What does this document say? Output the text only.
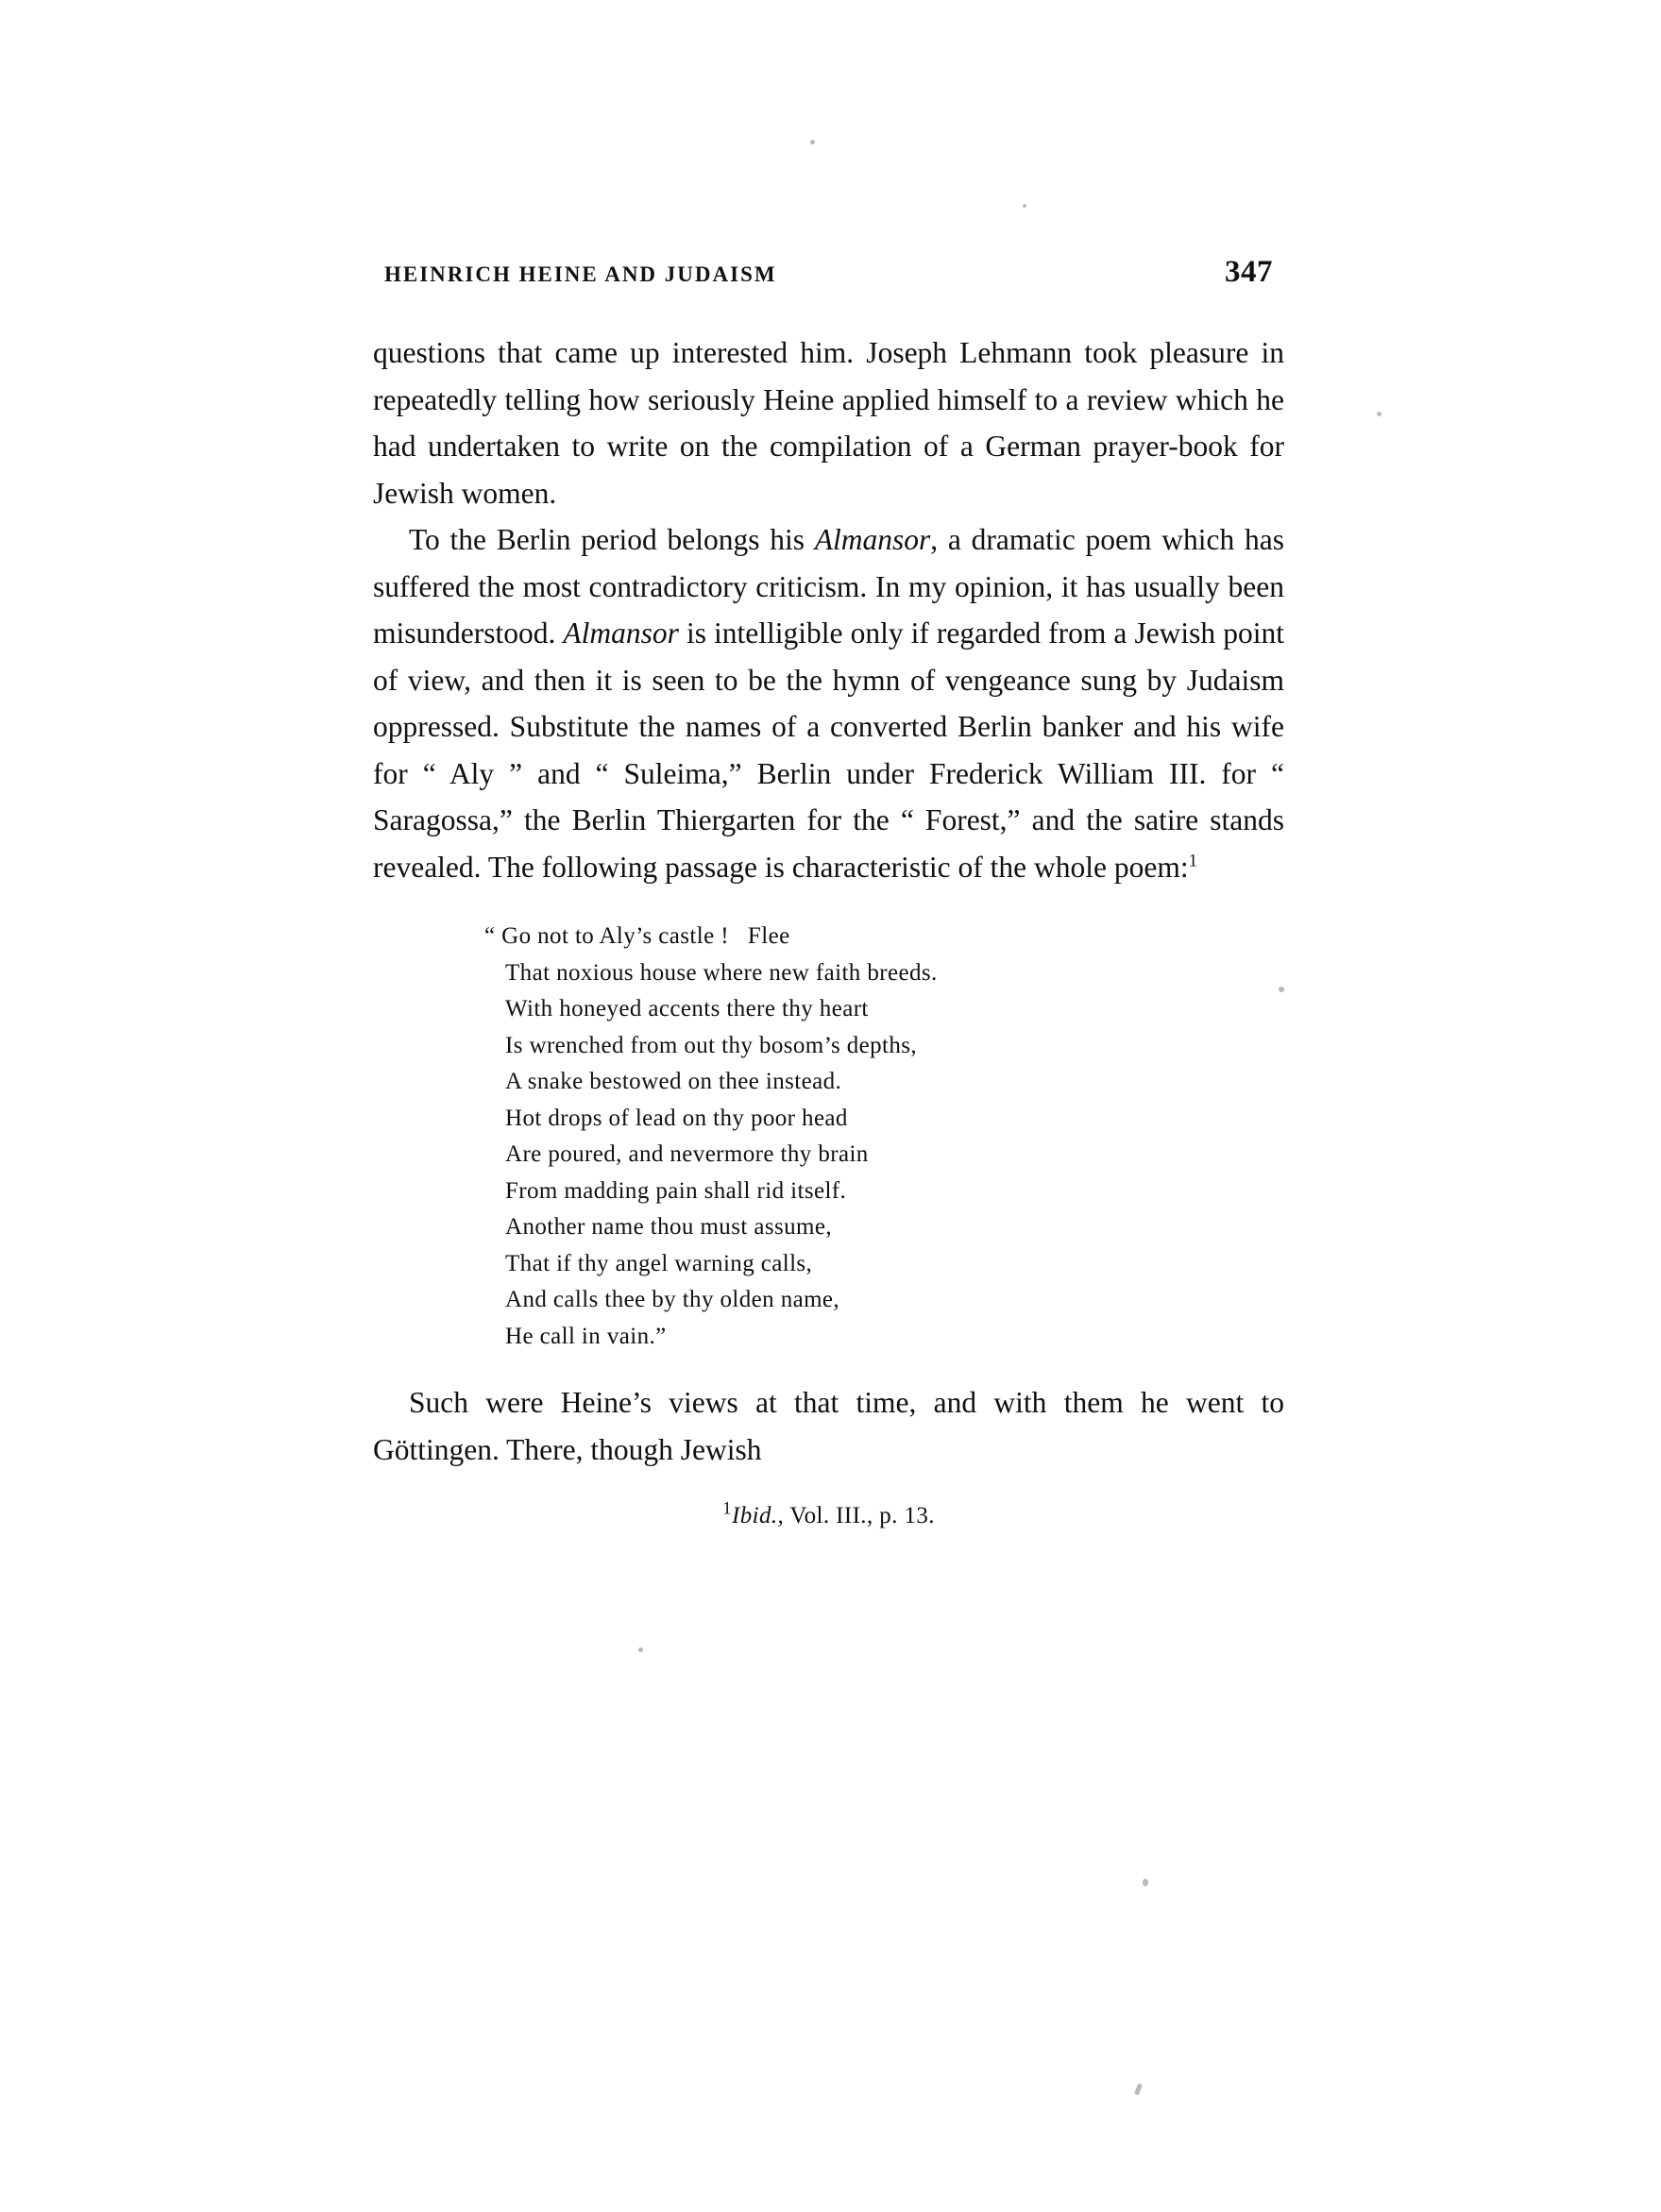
HEINRICH HEINE AND JUDAISM	347

questions that came up interested him. Joseph Lehmann took pleasure in repeatedly telling how seriously Heine applied himself to a review which he had undertaken to write on the compilation of a German prayer-book for Jewish women.

To the Berlin period belongs his Almansor, a dramatic poem which has suffered the most contradictory criticism. In my opinion, it has usually been misunderstood. Almansor is intelligible only if regarded from a Jewish point of view, and then it is seen to be the hymn of vengeance sung by Judaism oppressed. Substitute the names of a converted Berlin banker and his wife for “ Aly ” and “ Suleima,” Berlin under Frederick William III. for “ Saragossa,” the Berlin Thiergarten for the “ Forest,” and the satire stands revealed. The following passage is characteristic of the whole poem:$^1$

“ Go not to Aly’s castle !   Flee
That noxious house where new faith breeds.
With honeyed accents there thy heart
Is wrenched from out thy bosom’s depths,
A snake bestowed on thee instead.
Hot drops of lead on thy poor head
Are poured, and nevermore thy brain
From madding pain shall rid itself.
Another name thou must assume,
That if thy angel warning calls,
And calls thee by thy olden name,
He call in vain.”

Such were Heine’s views at that time, and with them he went to Göttingen. There, though Jewish

$^1$Ibid., Vol. III., p. 13.
